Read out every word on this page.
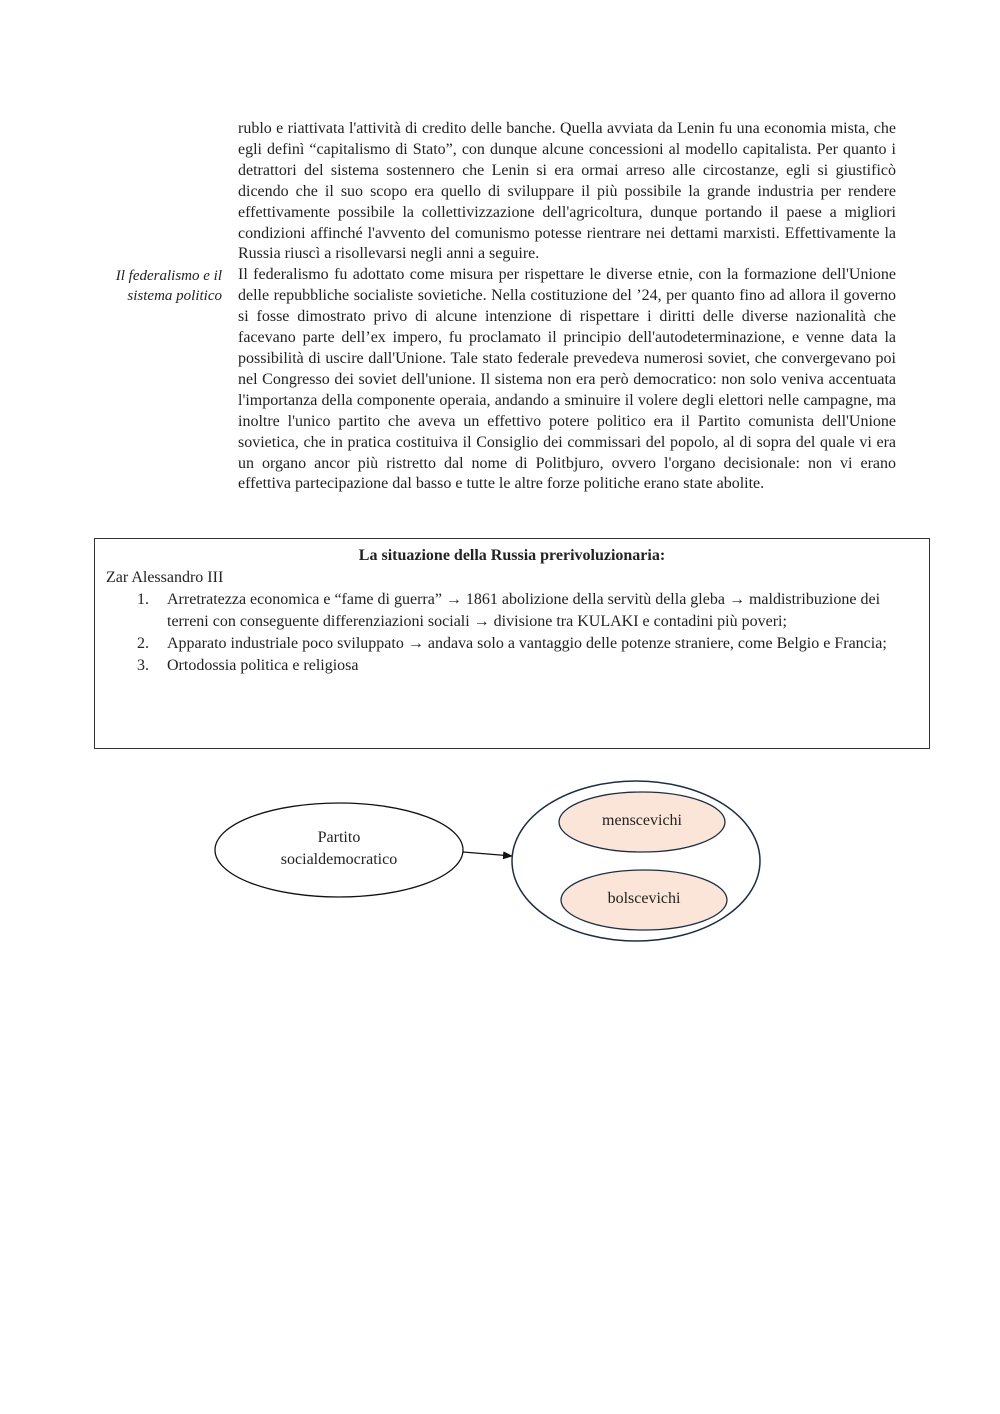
Il federalismo e il
sistema politico

rublo e riattivata l'attività di credito delle banche. Quella avviata da Lenin fu una economia mista, che egli definì “capitalismo di Stato”, con dunque alcune concessioni al modello capitalista. Per quanto i detrattori del sistema sostennero che Lenin si era ormai arreso alle circostanze, egli si giustificò dicendo che il suo scopo era quello di sviluppare il più possibile la grande industria per rendere effettivamente possibile la collettivizzazione dell'agricoltura, dunque portando il paese a migliori condizioni affinché l'avvento del comunismo potesse rientrare nei dettami marxisti. Effettivamente la Russia riuscì a risollevarsi negli anni a seguire.

Il federalismo fu adottato come misura per rispettare le diverse etnie, con la formazione dell'Unione delle repubbliche socialiste sovietiche. Nella costituzione del ’24, per quanto fino ad allora il governo si fosse dimostrato privo di alcune intenzione di rispettare i diritti delle diverse nazionalità che facevano parte dell’ex impero, fu proclamato il principio dell'autodeterminazione, e venne data la possibilità di uscire dall'Unione. Tale stato federale prevedeva numerosi soviet, che convergevano poi nel Congresso dei soviet dell'unione. Il sistema non era però democratico: non solo veniva accentuata l'importanza della componente operaia, andando a sminuire il volere degli elettori nelle campagne, ma inoltre l'unico partito che aveva un effettivo potere politico era il Partito comunista dell'Unione sovietica, che in pratica costituiva il Consiglio dei commissari del popolo, al di sopra del quale vi era un organo ancor più ristretto dal nome di Politbjuro, ovvero l'organo decisionale: non vi erano effettiva partecipazione dal basso e tutte le altre forze politiche erano state abolite.

La situazione della Russia prerivoluzionaria:

Zar Alessandro III

1. Arretratezza economica e “fame di guerra” → 1861 abolizione della servitù della gleba → maldistribuzione dei terreni con conseguente differenziazioni sociali → divisione tra KULAKI e contadini più poveri;
2. Apparato industriale poco sviluppato → andava solo a vantaggio delle potenze straniere, come Belgio e Francia;
3. Ortodossia politica e religiosa
Partito
socialdemocratico
menscevichi
bolscevichi
